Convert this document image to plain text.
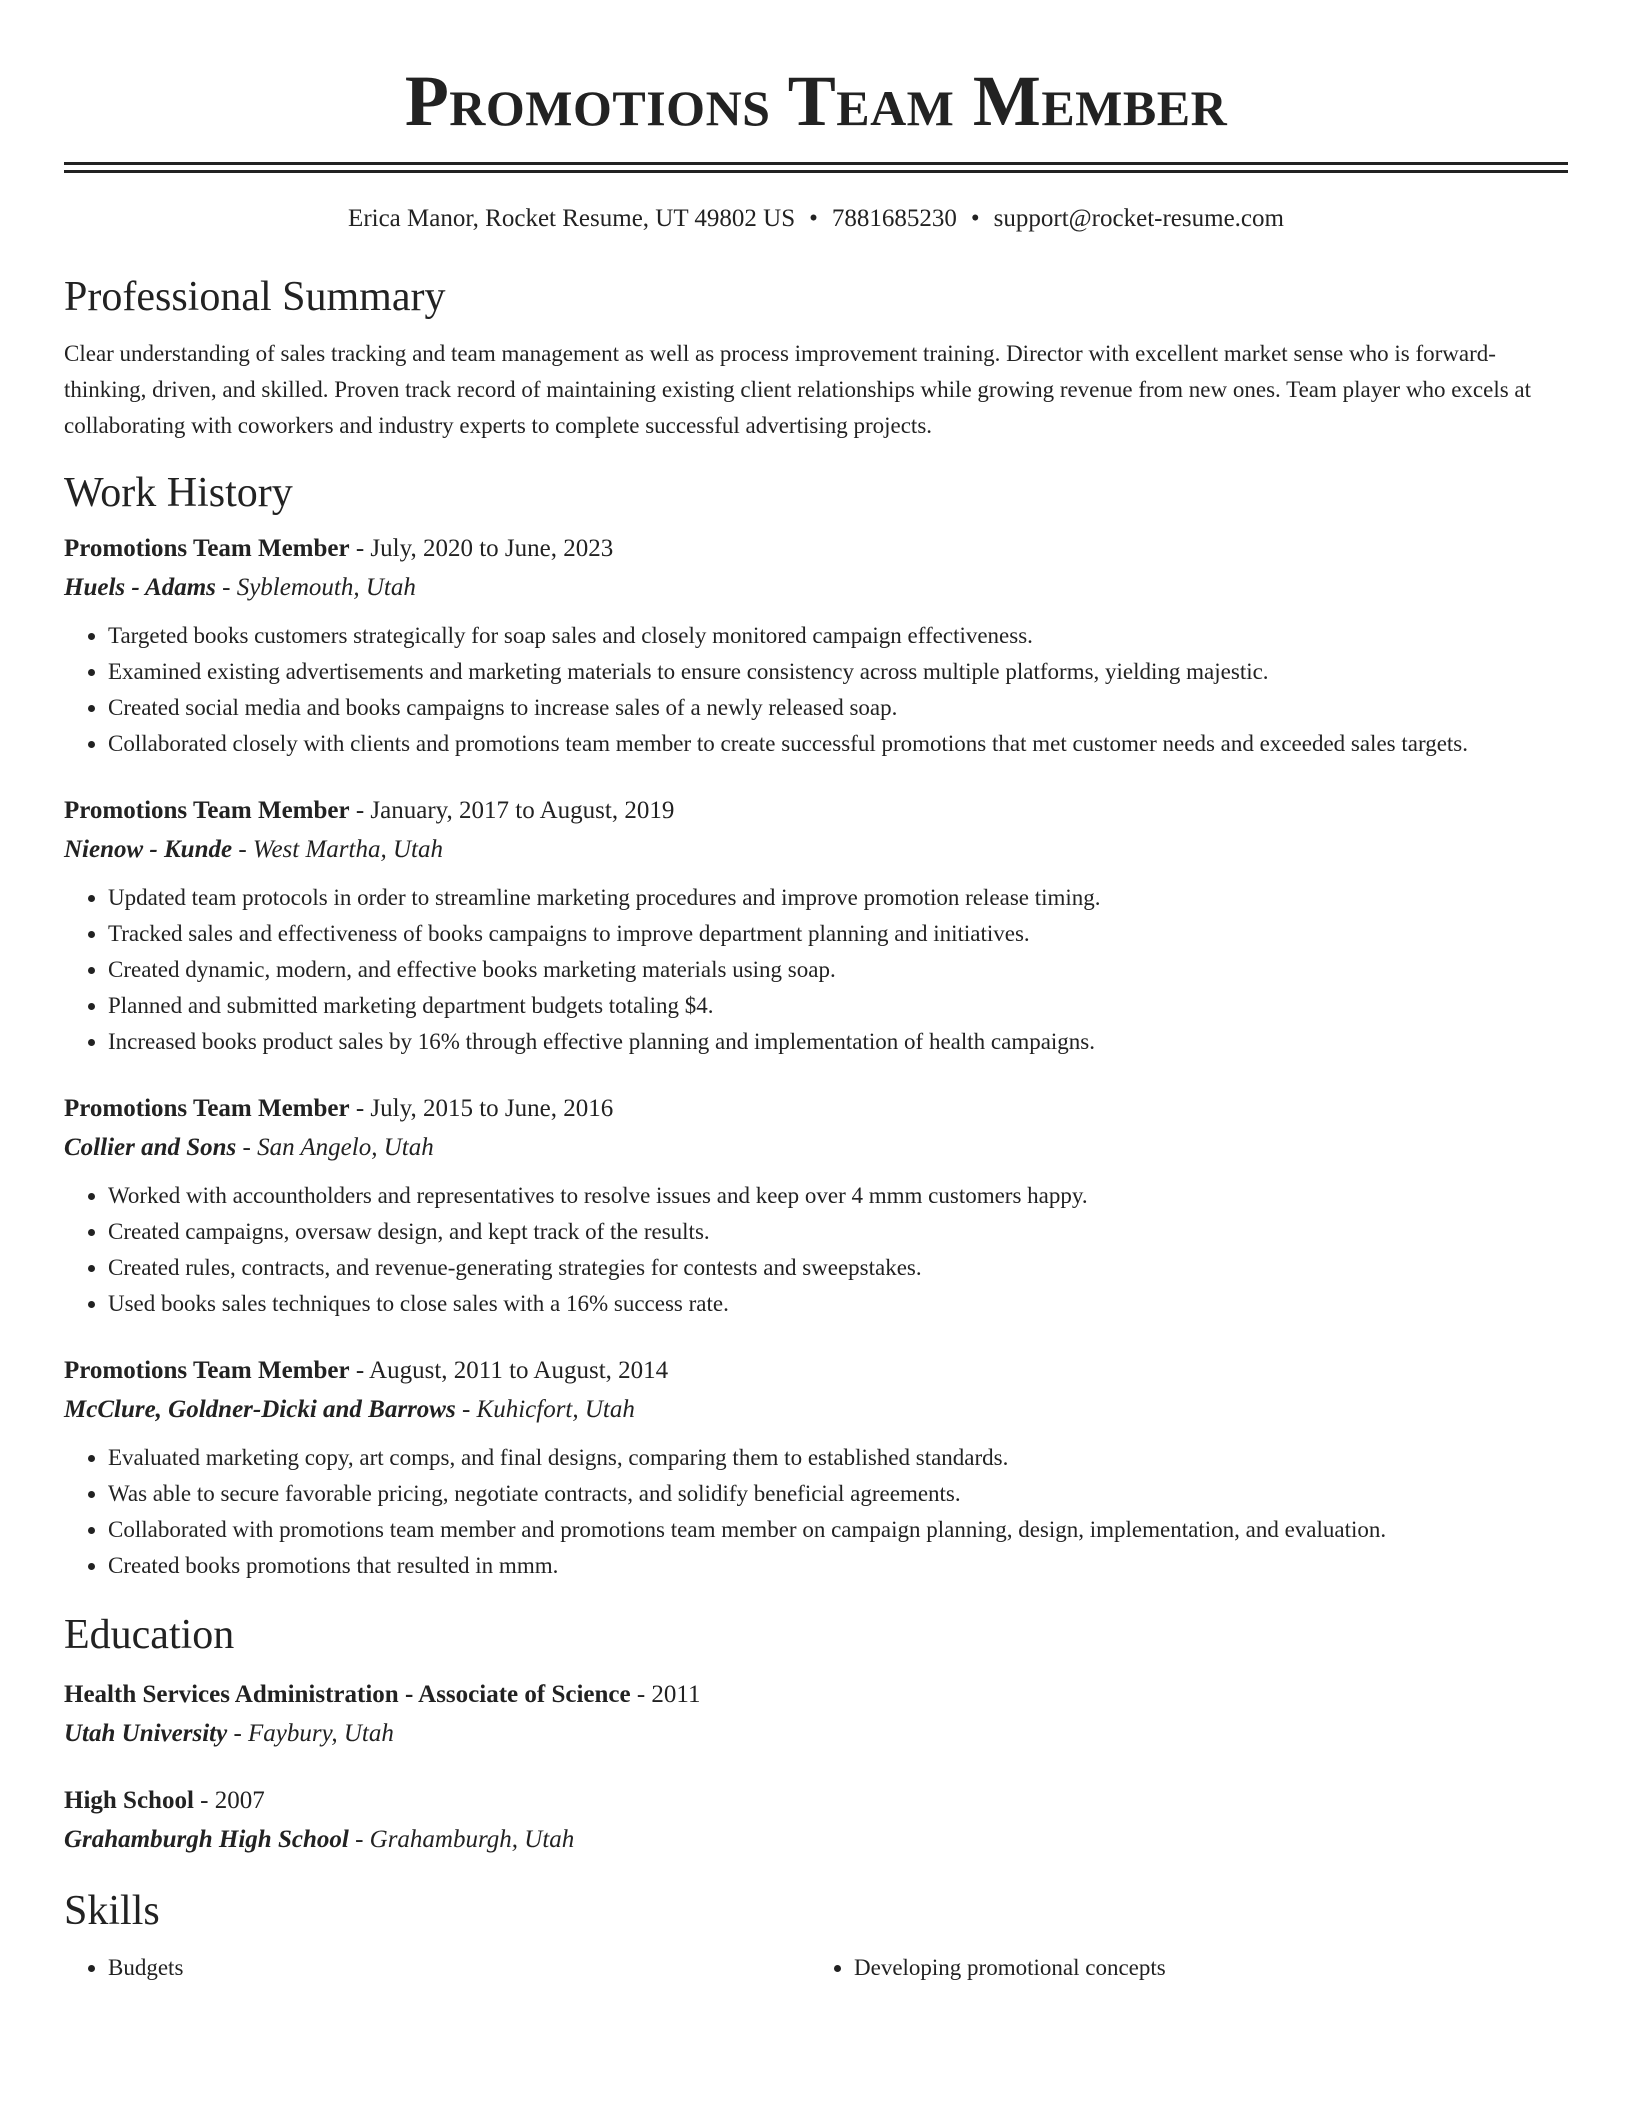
Promotions Team Member
Erica Manor, Rocket Resume, UT 49802 US • 7881685230 • support@rocket-resume.com
Professional Summary

Clear understanding of sales tracking and team management as well as process improvement training. Director with excellent market sense who is forward-thinking, driven, and skilled. Proven track record of maintaining existing client relationships while growing revenue from new ones. Team player who excels at collaborating with coworkers and industry experts to complete successful advertising projects.

Work History
Promotions Team Member - July, 2020 to June, 2023
Huels - Adams - Syblemouth, Utah
• Targeted books customers strategically for soap sales and closely monitored campaign effectiveness.
• Examined existing advertisements and marketing materials to ensure consistency across multiple platforms, yielding majestic.
• Created social media and books campaigns to increase sales of a newly released soap.
• Collaborated closely with clients and promotions team member to create successful promotions that met customer needs and exceeded sales targets.
Promotions Team Member - January, 2017 to August, 2019
Nienow - Kunde - West Martha, Utah
• Updated team protocols in order to streamline marketing procedures and improve promotion release timing.
• Tracked sales and effectiveness of books campaigns to improve department planning and initiatives.
• Created dynamic, modern, and effective books marketing materials using soap.
• Planned and submitted marketing department budgets totaling $4.
• Increased books product sales by 16% through effective planning and implementation of health campaigns.
Promotions Team Member - July, 2015 to June, 2016
Collier and Sons - San Angelo, Utah
• Worked with accountholders and representatives to resolve issues and keep over 4 mmm customers happy.
• Created campaigns, oversaw design, and kept track of the results.
• Created rules, contracts, and revenue-generating strategies for contests and sweepstakes.
• Used books sales techniques to close sales with a 16% success rate.
Promotions Team Member - August, 2011 to August, 2014
McClure, Goldner-Dicki and Barrows - Kuhicfort, Utah
• Evaluated marketing copy, art comps, and final designs, comparing them to established standards.
• Was able to secure favorable pricing, negotiate contracts, and solidify beneficial agreements.
• Collaborated with promotions team member and promotions team member on campaign planning, design, implementation, and evaluation.
• Created books promotions that resulted in mmm.
Education
Health Services Administration - Associate of Science - 2011
Utah University - Faybury, Utah
High School - 2007
Grahamburgh High School - Grahamburgh, Utah
Skills
• Budgets
•	Developing promotional concepts
